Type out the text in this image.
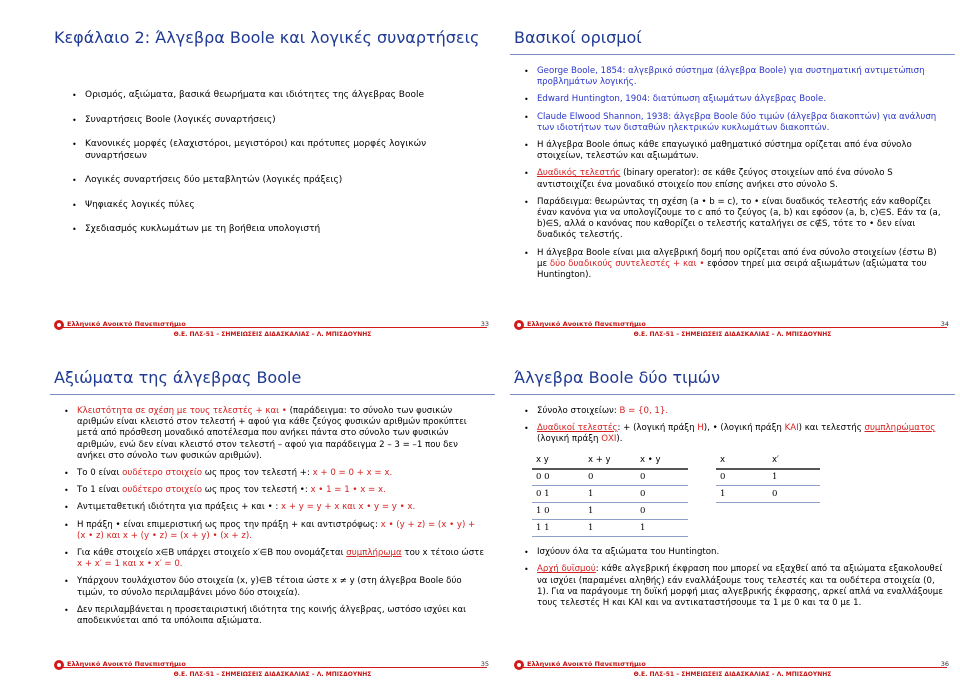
Κεφάλαιο 2: Άλγεβρα Boole και λογικές συναρτήσεις
• Ορισμός, αξιώματα, βασικά θεωρήματα και ιδιότητες της άλγεβρας Boole
• Συναρτήσεις Boole (λογικές συναρτήσεις)
• Κανονικές μορφές (ελαχιστόροι, μεγιστόροι) και πρότυπες μορφές λογικών συναρτήσεων
• Λογικές συναρτήσεις δύο μεταβλητών (λογικές πράξεις)
• Ψηφιακές λογικές πύλες
• Σχεδιασμός κυκλωμάτων με τη βοήθεια υπολογιστή
Ελληνικό Ανοικτό Πανεπιστήμιο	33
Θ.Ε. ΠΛΣ-51 – ΣΗΜΕΙΩΣΕΙΣ ΔΙΔΑΣΚΑΛΙΑΣ – Λ. ΜΠΙΣΔΟΥΝΗΣ
Βασικοί ορισμοί
• George Boole, 1854: αλγεβρικό σύστημα (άλγεβρα Boole) για συστηματική αντιμετώπιση προβλημάτων λογικής.
• Edward Huntington, 1904: διατύπωση αξιωμάτων άλγεβρας Boole.
• Claude Elwood Shannon, 1938: άλγεβρα Boole δύο τιμών (άλγεβρα διακοπτών) για ανάλυση των ιδιοτήτων των δισταθών ηλεκτρικών κυκλωμάτων διακοπτών.
• Η άλγεβρα Boole όπως κάθε επαγωγικό μαθηματικό σύστημα ορίζεται από ένα σύνολο στοιχείων, τελεστών και αξιωμάτων.
• Δυαδικός τελεστής (binary operator): σε κάθε ζεύγος στοιχείων από ένα σύνολο S αντιστοιχίζει ένα μοναδικό στοιχείο που επίσης ανήκει στο σύνολο S.
• Παράδειγμα: θεωρώντας τη σχέση (a • b = c), το • είναι δυαδικός τελεστής εάν καθορίζει έναν κανόνα για να υπολογίζουμε το c από το ζεύγος (a, b) και εφόσον (a, b, c)∈S. Εάν τα (a, b)∈S, αλλά ο κανόνας που καθορίζει ο τελεστής καταλήγει σε c∉S, τότε το • δεν είναι δυαδικός τελεστής.
• Η άλγεβρα Boole είναι μια αλγεβρική δομή που ορίζεται από ένα σύνολο στοιχείων (έστω B) με δύο δυαδικούς συντελεστές + και • εφόσον τηρεί μια σειρά αξιωμάτων (αξιώματα του Huntington).
Ελληνικό Ανοικτό Πανεπιστήμιο	34
Θ.Ε. ΠΛΣ-51 – ΣΗΜΕΙΩΣΕΙΣ ΔΙΔΑΣΚΑΛΙΑΣ – Λ. ΜΠΙΣΔΟΥΝΗΣ
Αξιώματα της άλγεβρας Boole
• Κλειστότητα σε σχέση με τους τελεστές + και • (παράδειγμα: το σύνολο των φυσικών αριθμών είναι κλειστό στον τελεστή + αφού για κάθε ζεύγος φυσικών αριθμών προκύπτει μετά από πρόσθεση μοναδικό αποτέλεσμα που ανήκει πάντα στο σύνολο των φυσικών αριθμών, ενώ δεν είναι κλειστό στον τελεστή – αφού για παράδειγμα 2 – 3 = –1 που δεν ανήκει στο σύνολο των φυσικών αριθμών).
• Το 0 είναι ουδέτερο στοιχείο ως προς τον τελεστή +: x + 0 = 0 + x = x.
• Το 1 είναι ουδέτερο στοιχείο ως προς τον τελεστή •: x • 1 = 1 • x = x.
• Αντιμεταθετική ιδιότητα για πράξεις + και • : x + y = y + x και x • y = y • x.
• Η πράξη • είναι επιμεριστική ως προς την πράξη + και αντιστρόφως: x • (y + z) = (x • y) + (x • z) και x + (y • z) = (x + y) • (x + z).
• Για κάθε στοιχείο x∈B υπάρχει στοιχείο x′∈B που ονομάζεται συμπλήρωμα του x τέτοιο ώστε x + x′ = 1 και x • x′ = 0.
• Υπάρχουν τουλάχιστον δύο στοιχεία (x, y)∈B τέτοια ώστε x ≠ y (στη άλγεβρα Boole δύο τιμών, το σύνολο περιλαμβάνει μόνο δύο στοιχεία).
• Δεν περιλαμβάνεται η προσεταιριστική ιδιότητα της κοινής άλγεβρας, ωστόσο ισχύει και αποδεικνύεται από τα υπόλοιπα αξιώματα.
Ελληνικό Ανοικτό Πανεπιστήμιο	35
Θ.Ε. ΠΛΣ-51 – ΣΗΜΕΙΩΣΕΙΣ ΔΙΔΑΣΚΑΛΙΑΣ – Λ. ΜΠΙΣΔΟΥΝΗΣ
Άλγεβρα Boole δύο τιμών
• Σύνολο στοιχείων: B = {0, 1}.
• Δυαδικοί τελεστές: + (λογική πράξη Η), • (λογική πράξη ΚΑΙ) και τελεστής συμπληρώματος (λογική πράξη ΟΧΙ).
x y	x + y	x • y		x	x′
0 0	0	0		0	1
0 1	1	0		1	0
1 0	1	0			
1 1	1	1			
• Ισχύουν όλα τα αξιώματα του Huntington.
• Αρχή δυϊσμού: κάθε αλγεβρική έκφραση που μπορεί να εξαχθεί από τα αξιώματα εξακολουθεί να ισχύει (παραμένει αληθής) εάν εναλλάξουμε τους τελεστές και τα ουδέτερα στοιχεία (0, 1). Για να παράγουμε τη δυϊκή μορφή μιας αλγεβρικής έκφρασης, αρκεί απλά να εναλλάξουμε τους τελεστές Η και ΚΑΙ και να αντικαταστήσουμε τα 1 με 0 και τα 0 με 1.
Ελληνικό Ανοικτό Πανεπιστήμιο	36
Θ.Ε. ΠΛΣ-51 – ΣΗΜΕΙΩΣΕΙΣ ΔΙΔΑΣΚΑΛΙΑΣ – Λ. ΜΠΙΣΔΟΥΝΗΣ
